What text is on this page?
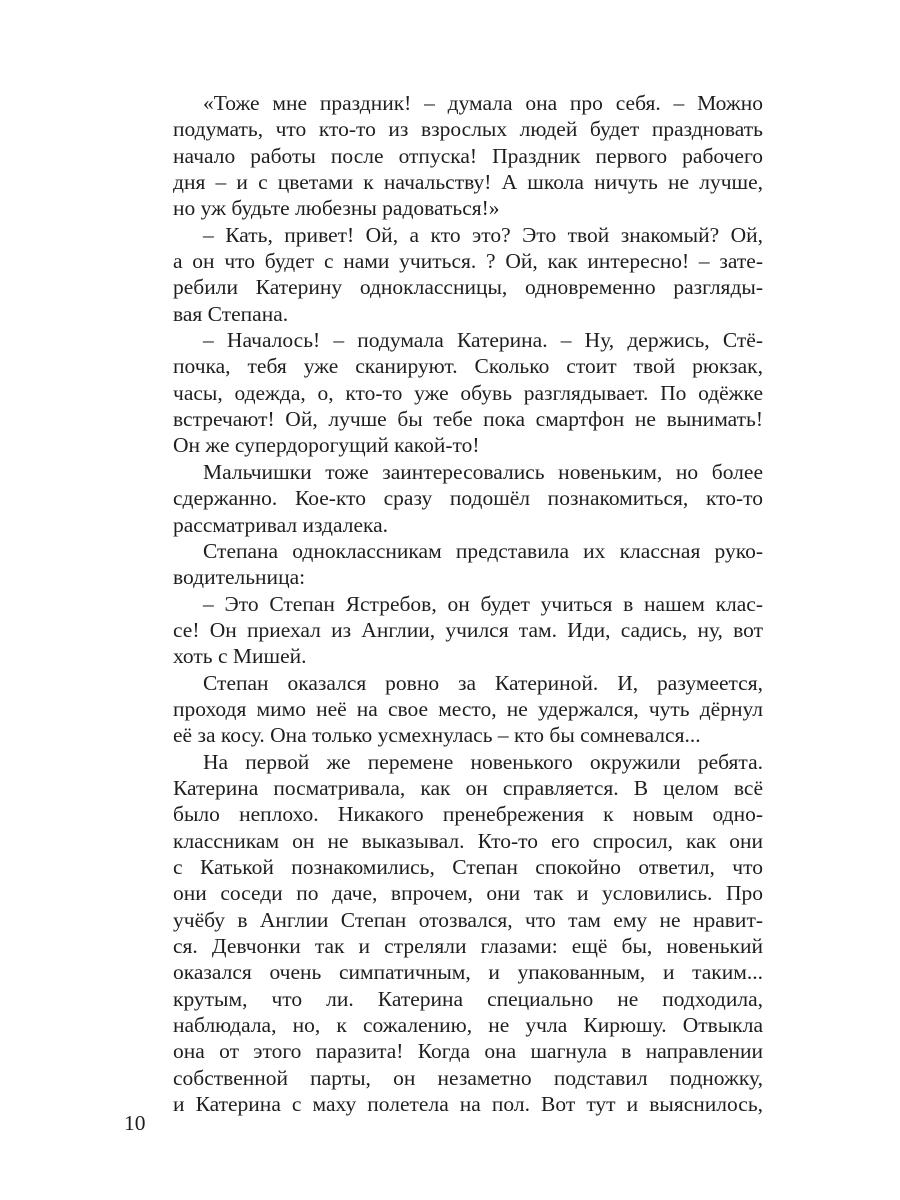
«Тоже мне праздник! – думала она про себя. – Можно
подумать, что кто-то из взрослых людей будет праздновать
начало работы после отпуска! Праздник первого рабочего
дня – и с цветами к начальству! А школа ничуть не лучше,
но уж будьте любезны радоваться!»
– Кать, привет! Ой, а кто это? Это твой знакомый? Ой,
а он что будет с нами учиться. ? Ой, как интересно! – зате-
ребили Катерину одноклассницы, одновременно разгляды-
вая Степана.
– Началось! – подумала Катерина. – Ну, держись, Стё-
почка, тебя уже сканируют. Сколько стоит твой рюкзак,
часы, одежда, о, кто-то уже обувь разглядывает. По одёжке
встречают! Ой, лучше бы тебе пока смартфон не вынимать!
Он же супердорогущий какой-то!
Мальчишки тоже заинтересовались новеньким, но более
сдержанно. Кое-кто сразу подошёл познакомиться, кто-то
рассматривал издалека.
Степана одноклассникам представила их классная руко-
водительница:
– Это Степан Ястребов, он будет учиться в нашем клас-
се! Он приехал из Англии, учился там. Иди, садись, ну, вот
хоть с Мишей.
Степан оказался ровно за Катериной. И, разумеется,
проходя мимо неё на свое место, не удержался, чуть дёрнул
её за косу. Она только усмехнулась – кто бы сомневался...
На первой же перемене новенького окружили ребята.
Катерина посматривала, как он справляется. В целом всё
было неплохо. Никакого пренебрежения к новым одно-
классникам он не выказывал. Кто-то его спросил, как они
с Катькой познакомились, Степан спокойно ответил, что
они соседи по даче, впрочем, они так и условились. Про
учёбу в Англии Степан отозвался, что там ему не нравит-
ся. Девчонки так и стреляли глазами: ещё бы, новенький
оказался очень симпатичным, и упакованным, и таким...
крутым, что ли. Катерина специально не подходила,
наблюдала, но, к сожалению, не учла Кирюшу. Отвыкла
она от этого паразита! Когда она шагнула в направлении
собственной парты, он незаметно подставил подножку,
и Катерина с маху полетела на пол. Вот тут и выяснилось,
10
